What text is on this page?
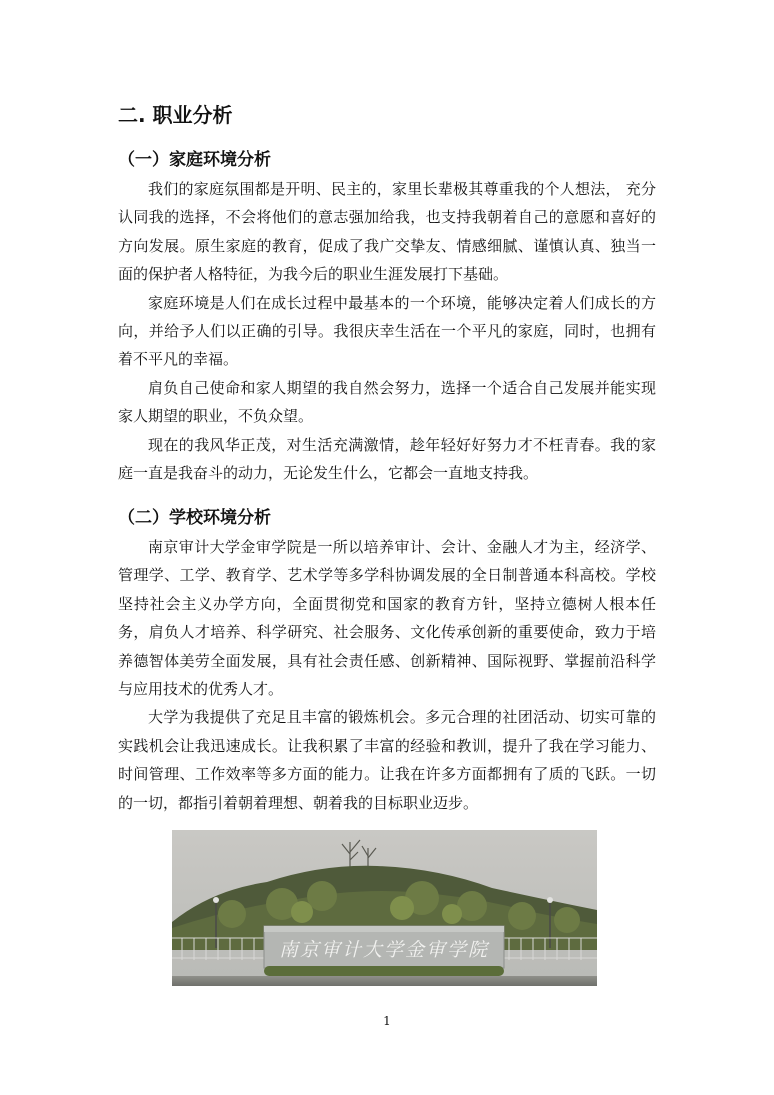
二. 职业分析
（一）家庭环境分析

我们的家庭氛围都是开明、民主的，家里长辈极其尊重我的个人想法， 充分认同我的选择，不会将他们的意志强加给我，也支持我朝着自己的意愿和喜好的方向发展。原生家庭的教育，促成了我广交挚友、情感细腻、谨慎认真、独当一面的保护者人格特征，为我今后的职业生涯发展打下基础。

家庭环境是人们在成长过程中最基本的一个环境，能够决定着人们成长的方向，并给予人们以正确的引导。我很庆幸生活在一个平凡的家庭，同时，也拥有着不平凡的幸福。

肩负自己使命和家人期望的我自然会努力，选择一个适合自己发展并能实现家人期望的职业，不负众望。

现在的我风华正茂，对生活充满激情，趁年轻好好努力才不枉青春。我的家庭一直是我奋斗的动力，无论发生什么，它都会一直地支持我。

（二）学校环境分析

南京审计大学金审学院是一所以培养审计、会计、金融人才为主，经济学、管理学、工学、教育学、艺术学等多学科协调发展的全日制普通本科高校。学校坚持社会主义办学方向，全面贯彻党和国家的教育方针，坚持立德树人根本任务，肩负人才培养、科学研究、社会服务、文化传承创新的重要使命，致力于培养德智体美劳全面发展，具有社会责任感、创新精神、国际视野、掌握前沿科学与应用技术的优秀人才。

大学为我提供了充足且丰富的锻炼机会。多元合理的社团活动、切实可靠的实践机会让我迅速成长。让我积累了丰富的经验和教训，提升了我在学习能力、时间管理、工作效率等多方面的能力。让我在许多方面都拥有了质的飞跃。一切的一切，都指引着朝着理想、朝着我的目标职业迈步。

南京审计大学金审学院
1
